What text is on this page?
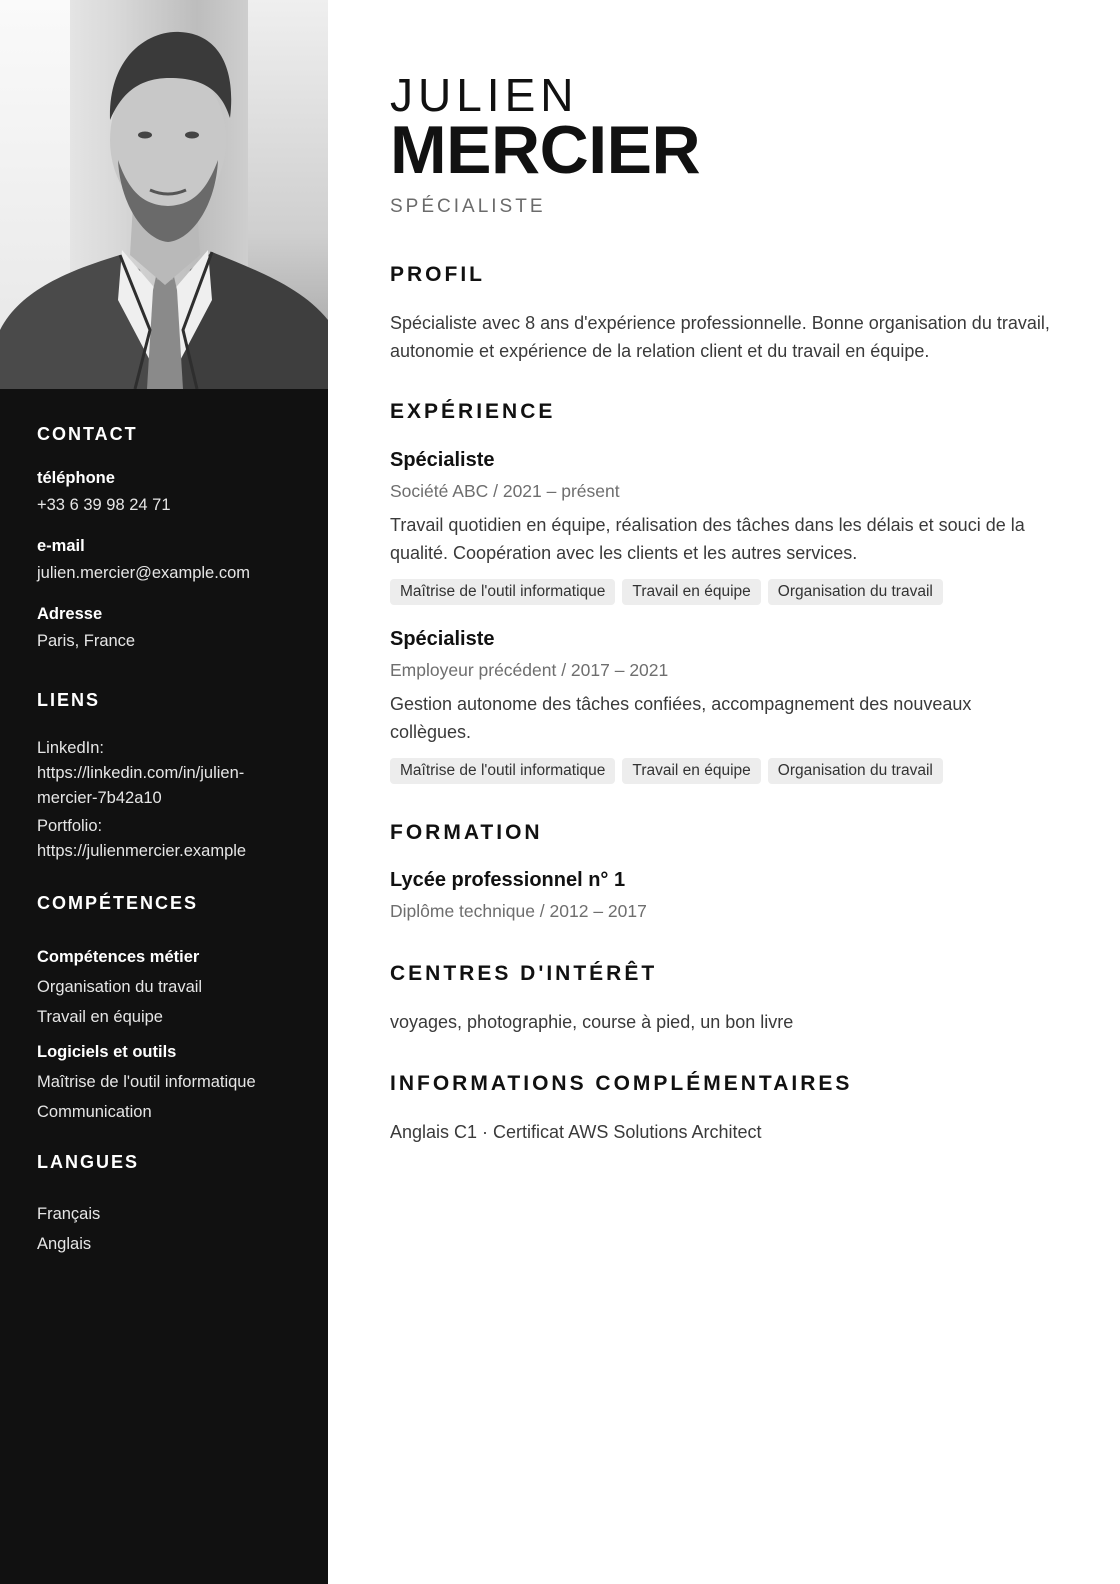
CONTACT
téléphone
+33 6 39 98 24 71
e-mail
julien.mercier@example.com
Adresse
Paris, France
LIENS
LinkedIn:
https://linkedin.com/in/julien-
mercier-7b42a10
Portfolio:
https://julienmercier.example
COMPÉTENCES
Compétences métier
Organisation du travail
Travail en équipe
Logiciels et outils
Maîtrise de l'outil informatique
Communication
LANGUES
Français
Anglais
JULIEN
MERCIER
SPÉCIALISTE
PROFIL
Spécialiste avec 8 ans d'expérience professionnelle. Bonne organisation du travail, autonomie et expérience de la relation client et du travail en équipe.
EXPÉRIENCE
Spécialiste
Société ABC / 2021 – présent
Travail quotidien en équipe, réalisation des tâches dans les délais et souci de la qualité. Coopération avec les clients et les autres services.
Maîtrise de l'outil informatique	Travail en équipe	Organisation du travail
Spécialiste
Employeur précédent / 2017 – 2021
Gestion autonome des tâches confiées, accompagnement des nouveaux collègues.
Maîtrise de l'outil informatique	Travail en équipe	Organisation du travail
FORMATION
Lycée professionnel n° 1
Diplôme technique / 2012 – 2017
CENTRES D'INTÉRÊT
voyages, photographie, course à pied, un bon livre
INFORMATIONS COMPLÉMENTAIRES
Anglais C1 · Certificat AWS Solutions Architect
